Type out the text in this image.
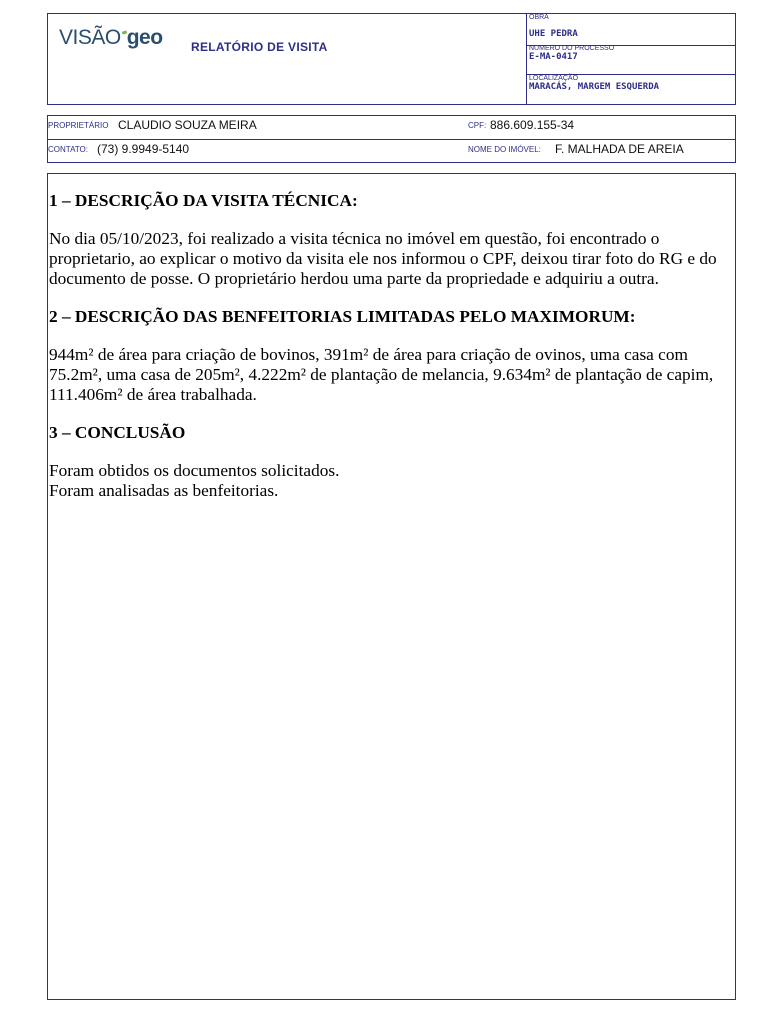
VISÃO geo RELATÓRIO DE VISITA
OBRA
UHE PEDRA
NUMERO DO PROCESSO
E-MA-0417
LOCALIZAÇÃO
MARACÁS, MARGEM ESQUERDA
PROPRIETÁRIO CLAUDIO SOUZA MEIRA	CPF: 886.609.155-34
CONTATO: (73) 9.9949-5140	NOME DO IMÓVEL: F. MALHADA DE AREIA
1 – DESCRIÇÃO DA VISITA TÉCNICA:

No dia 05/10/2023, foi realizado a visita técnica no imóvel em questão, foi encontrado o proprietario, ao explicar o motivo da visita ele nos informou o CPF, deixou tirar foto do RG e do documento de posse. O proprietário herdou uma parte da propriedade e adquiriu a outra.

2 – DESCRIÇÃO DAS BENFEITORIAS LIMITADAS PELO MAXIMORUM:

944m² de área para criação de bovinos, 391m² de área para criação de ovinos, uma casa com 75.2m², uma casa de 205m², 4.222m² de plantação de melancia, 9.634m² de plantação de capim, 111.406m² de área trabalhada.

3 – CONCLUSÃO

Foram obtidos os documentos solicitados.

Foram analisadas as benfeitorias.
